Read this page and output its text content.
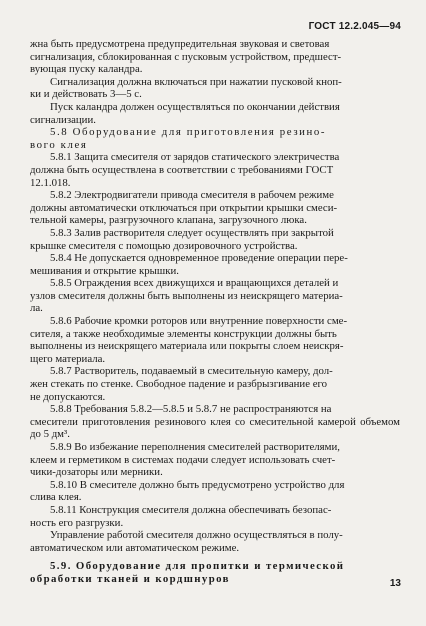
ГОСТ 12.2.045—94
жна быть предусмотрена предупредительная звуковая и световая
сигнализация, сблокированная с пусковым устройством, предшест-
вующая пуску каландра.
Сигнализация должна включаться при нажатии пусковой кноп-
ки и действовать 3—5 с.
Пуск каландра должен осуществляться по окончании действия
сигнализации.
5.8 Оборудование для приготовления резино-
вого клея
5.8.1 Защита смесителя от зарядов статического электричества
должна быть осуществлена в соответствии с требованиями ГОСТ
12.1.018.
5.8.2 Электродвигатели привода смесителя в рабочем режиме
должны автоматически отключаться при открытии крышки смеси-
тельной камеры, разгрузочного клапана, загрузочного люка.
5.8.3 Залив растворителя следует осуществлять при закрытой
крышке смесителя с помощью дозировочного устройства.
5.8.4 Не допускается одновременное проведение операции пере-
мешивания и открытие крышки.
5.8.5 Ограждения всех движущихся и вращающихся деталей и
узлов смесителя должны быть выполнены из неискрящего материа-
ла.
5.8.6 Рабочие кромки роторов или внутренние поверхности сме-
сителя, а также необходимые элементы конструкции должны быть
выполнены из неискрящего материала или покрыты слоем неискря-
щего материала.
5.8.7 Растворитель, подаваемый в смесительную камеру, дол-
жен стекать по стенке. Свободное падение и разбрызгивание его
не допускаются.
5.8.8 Требования 5.8.2—5.8.5 и 5.8.7 не распространяются на
смесители приготовления резинового клея со смесительной камерой объемом до 5 дм³.
5.8.9 Во избежание переполнения смесителей растворителями,
клеем и герметиком в системах подачи следует использовать счет-
чики-дозаторы или мерники.
5.8.10 В смесителе должно быть предусмотрено устройство для
слива клея.
5.8.11 Конструкция смесителя должна обеспечивать безопас-
ность его разгрузки.
Управление работой смесителя должно осуществляться в полу-
автоматическом или автоматическом режиме.
5.9. Оборудование для пропитки и термической
обработки тканей и кордшнуров	13
